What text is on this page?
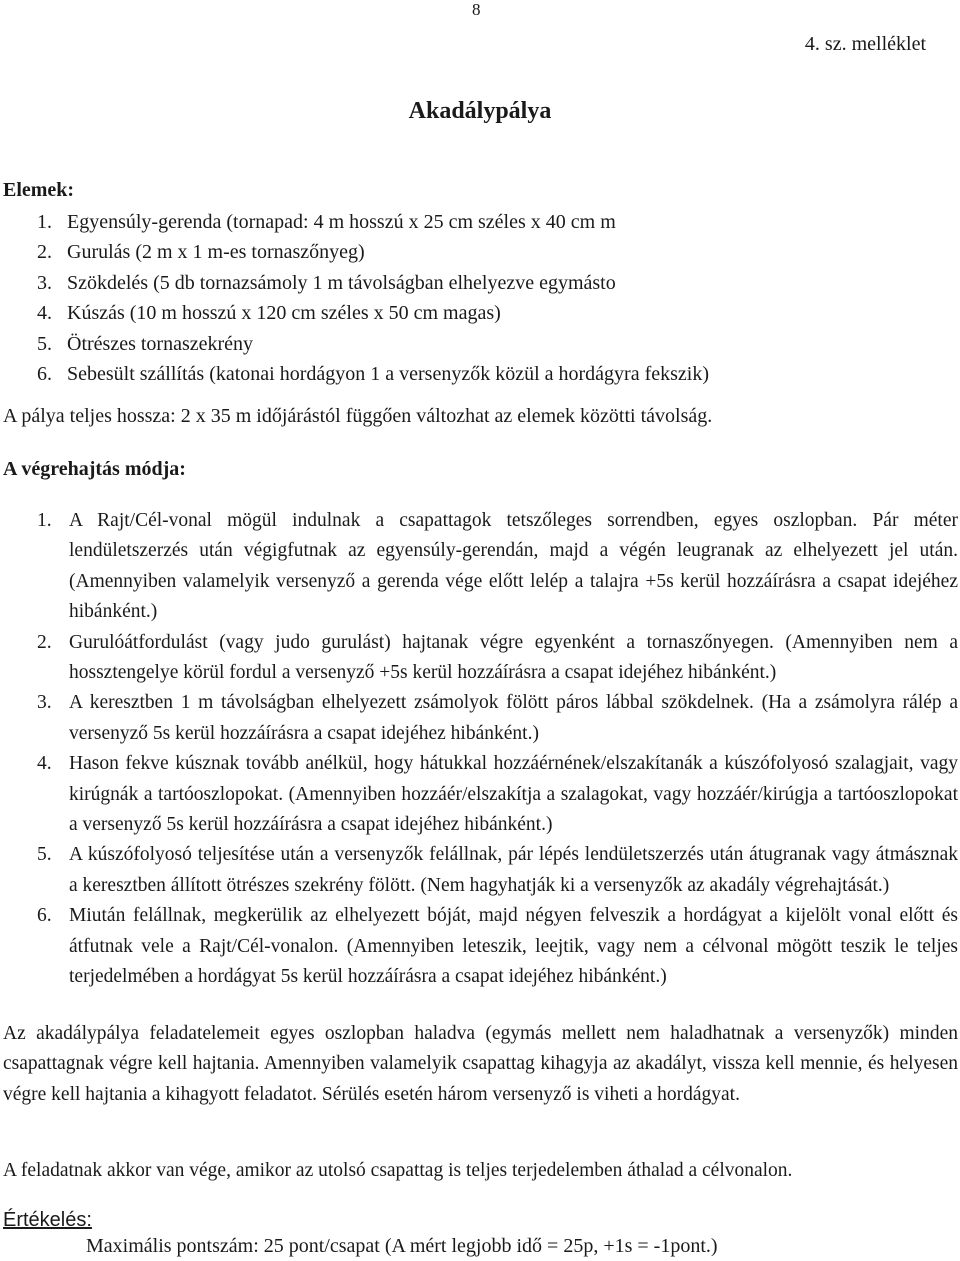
8
4. sz. melléklet
Akadálypálya
Elemek:
1. Egyensúly-gerenda (tornapad: 4 m hosszú x 25 cm széles x 40 cm m
2. Gurulás (2 m x 1 m-es tornaszőnyeg)
3. Szökdelés (5 db tornazsámoly 1 m távolságban elhelyezve egymásto
4. Kúszás (10 m hosszú x 120 cm széles x 50 cm magas)
5. Ötrészes tornaszekrény
6. Sebesült szállítás (katonai hordágyon 1 a versenyzők közül a hordágyra fekszik)
A pálya teljes hossza: 2 x 35 m időjárástól függően változhat az elemek közötti távolság.
A végrehajtás módja:
1. A Rajt/Cél-vonal mögül indulnak a csapattagok tetszőleges sorrendben, egyes oszlopban. Pár méter lendületszerzés után végigfutnak az egyensúly-gerendán, majd a végén leugranak az elhelyezett jel után. (Amennyiben valamelyik versenyző a gerenda vége előtt lelép a talajra +5s kerül hozzáírásra a csapat idejéhez hibánként.)
2. Gurulóátfordulást (vagy judo gurulást) hajtanak végre egyenként a tornaszőnyegen. (Amennyiben nem a hossztengelye körül fordul a versenyző +5s kerül hozzáírásra a csapat idejéhez hibánként.)
3. A keresztben 1 m távolságban elhelyezett zsámolyok fölött páros lábbal szökdelnek. (Ha a zsámolyra rálép a versenyző 5s kerül hozzáírásra a csapat idejéhez hibánként.)
4. Hason fekve kúsznak tovább anélkül, hogy hátukkal hozzáérnének/elszakítanák a kúszófolyosó szalagjait, vagy kirúgnák a tartóoszlopokat. (Amennyiben hozzáér/elszakítja a szalagokat, vagy hozzáér/kirúgja a tartóoszlopokat a versenyző 5s kerül hozzáírásra a csapat idejéhez hibánként.)
5. A kúszófolyosó teljesítése után a versenyzők felállnak, pár lépés lendületszerzés után átugranak vagy átmásznak a keresztben állított ötrészes szekrény fölött. (Nem hagyhatják ki a versenyzők az akadály végrehajtását.)
6. Miután felállnak, megkerülik az elhelyezett bóját, majd négyen felveszik a hordágyat a kijelölt vonal előtt és átfutnak vele a Rajt/Cél-vonalon. (Amennyiben leteszik, leejtik, vagy nem a célvonal mögött teszik le teljes terjedelmében a hordágyat 5s kerül hozzáírásra a csapat idejéhez hibánként.)
Az akadálypálya feladatelemeit egyes oszlopban haladva (egymás mellett nem haladhatnak a versenyzők) minden csapattagnak végre kell hajtania. Amennyiben valamelyik csapattag kihagyja az akadályt, vissza kell mennie, és helyesen végre kell hajtania a kihagyott feladatot. Sérülés esetén három versenyző is viheti a hordágyat.
A feladatnak akkor van vége, amikor az utolsó csapattag is teljes terjedelemben áthalad a célvonalon.
Értékelés:
Maximális pontszám: 25 pont/csapat (A mért legjobb idő = 25p, +1s = -1pont.)
